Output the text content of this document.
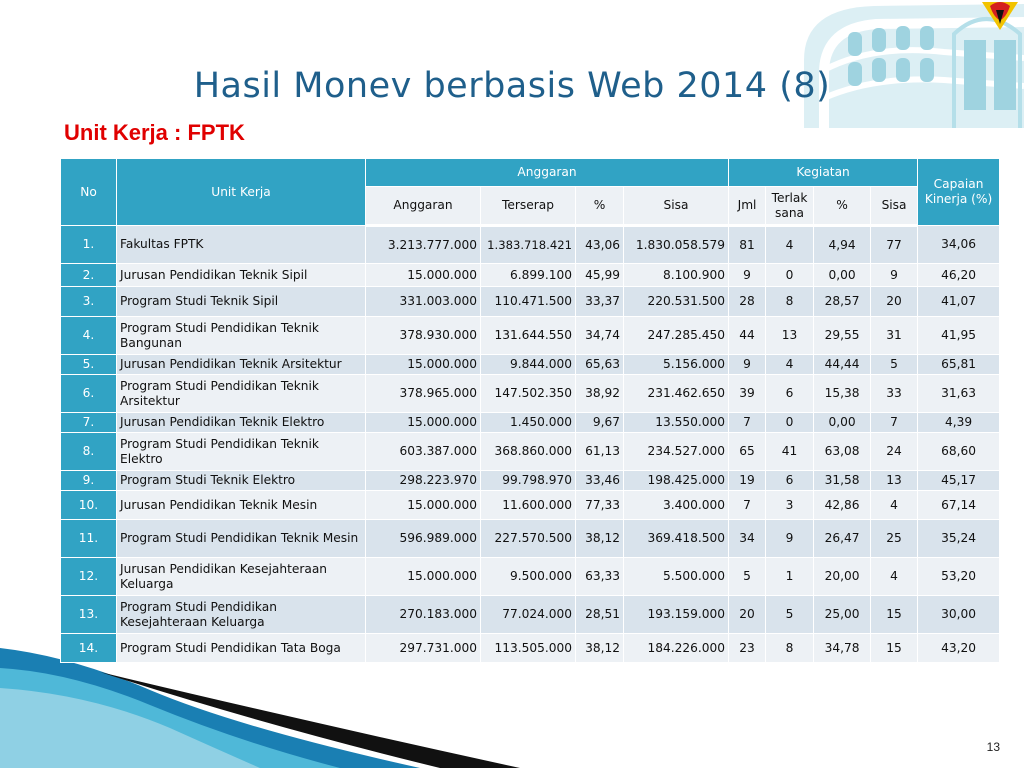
Hasil Monev berbasis Web 2014 (8)
Unit Kerja : FPTK
No	Unit Kerja	Anggaran				Kegiatan				Capaian Kinerja (%)
		Anggaran	Terserap	%	Sisa	Jml	Terlak sana	%	Sisa	
1.	Fakultas FPTK	3.213.777.000	1.383.718.421	43,06	1.830.058.579	81	4	4,94	77	34,06
2.	Jurusan Pendidikan Teknik Sipil	15.000.000	6.899.100	45,99	8.100.900	9	0	0,00	9	46,20
3.	Program Studi Teknik Sipil	331.003.000	110.471.500	33,37	220.531.500	28	8	28,57	20	41,07
4.	Program Studi Pendidikan Teknik Bangunan	378.930.000	131.644.550	34,74	247.285.450	44	13	29,55	31	41,95
5.	Jurusan Pendidikan Teknik Arsitektur	15.000.000	9.844.000	65,63	5.156.000	9	4	44,44	5	65,81
6.	Program Studi Pendidikan Teknik Arsitektur	378.965.000	147.502.350	38,92	231.462.650	39	6	15,38	33	31,63
7.	Jurusan Pendidikan Teknik Elektro	15.000.000	1.450.000	9,67	13.550.000	7	0	0,00	7	4,39
8.	Program Studi Pendidikan Teknik Elektro	603.387.000	368.860.000	61,13	234.527.000	65	41	63,08	24	68,60
9.	Program Studi Teknik Elektro	298.223.970	99.798.970	33,46	198.425.000	19	6	31,58	13	45,17
10.	Jurusan Pendidikan Teknik Mesin	15.000.000	11.600.000	77,33	3.400.000	7	3	42,86	4	67,14
11.	Program Studi Pendidikan Teknik Mesin	596.989.000	227.570.500	38,12	369.418.500	34	9	26,47	25	35,24
12.	Jurusan Pendidikan Kesejahteraan Keluarga	15.000.000	9.500.000	63,33	5.500.000	5	1	20,00	4	53,20
13.	Program Studi Pendidikan Kesejahteraan Keluarga	270.183.000	77.024.000	28,51	193.159.000	20	5	25,00	15	30,00
14.	Program Studi Pendidikan Tata Boga	297.731.000	113.505.000	38,12	184.226.000	23	8	34,78	15	43,20
13
